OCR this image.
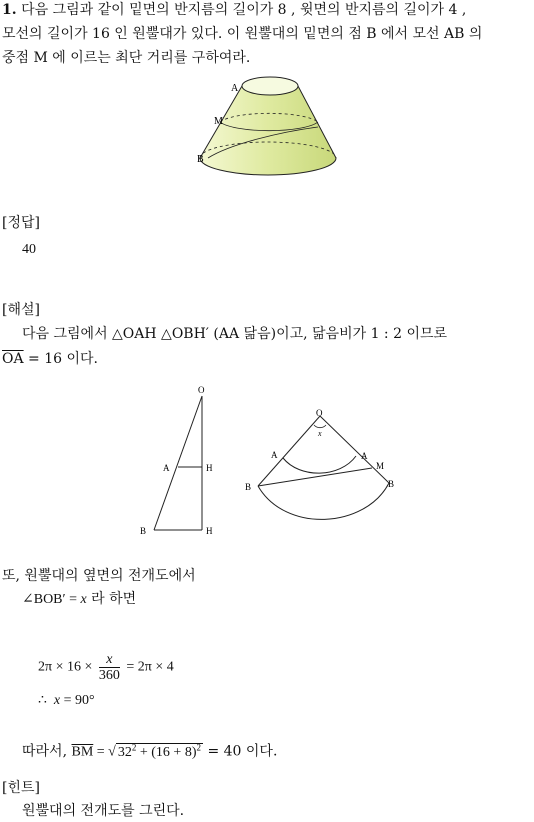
1. 다음 그림과 같이 밑면의 반지름의 길이가 8 , 윗면의 반지름의 길이가 4 ,
모선의 길이가 16 인 원뿔대가 있다. 이 원뿔대의 밑면의 점 B 에서 모선 AB 의
중점 M 에 이르는 최단 거리를 구하여라.
A
M
B
[정답]
40
[해설]
다음 그림에서 △OAH △OBH′ (AA 닮음)이고, 닮음비가 1 : 2 이므로
$\overline{OA} = 16$ 이다.
O
A	H
B	H
O
x
A	A
M
B	B
또, 원뿔대의 옆면의 전개도에서
∠BOB′ = x 라 하면
$2\pi \times 16 \times \frac{x}{360} = 2\pi \times 4$
∴ x = 90°
따라서, $\overline{BM}$ = √ $32^2 + (16 + 8)^2 = 40$ 이다.
[힌트]
원뿔대의 전개도를 그린다.
